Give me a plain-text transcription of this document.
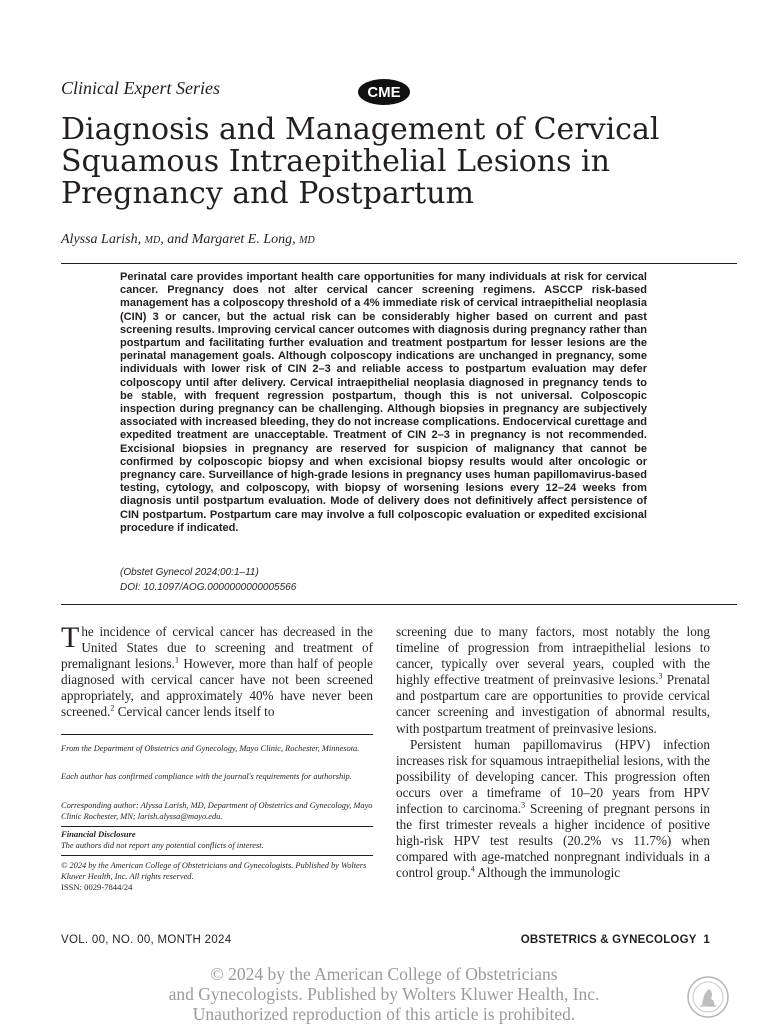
Clinical Expert Series	CME
Diagnosis and Management of Cervical Squamous Intraepithelial Lesions in Pregnancy and Postpartum
Alyssa Larish, MD, and Margaret E. Long, MD

Perinatal care provides important health care opportunities for many individuals at risk for cervical cancer. Pregnancy does not alter cervical cancer screening regimens. ASCCP risk-based management has a colposcopy threshold of a 4% immediate risk of cervical intraepithelial neoplasia (CIN) 3 or cancer, but the actual risk can be considerably higher based on current and past screening results. Improving cervical cancer outcomes with diagnosis during pregnancy rather than postpartum and facilitating further evaluation and treatment postpartum for lesser lesions are the perinatal management goals. Although colposcopy indications are unchanged in pregnancy, some individuals with lower risk of CIN 2–3 and reliable access to postpartum evaluation may defer colposcopy until after delivery. Cervical intraepithelial neoplasia diagnosed in pregnancy tends to be stable, with frequent regression postpartum, though this is not universal. Colposcopic inspection during pregnancy can be challenging. Although biopsies in pregnancy are subjectively associated with increased bleeding, they do not increase complications. Endocervical curettage and expedited treatment are unacceptable. Treatment of CIN 2–3 in pregnancy is not recommended. Excisional biopsies in pregnancy are reserved for suspicion of malignancy that cannot be confirmed by colposcopic biopsy and when excisional biopsy results would alter oncologic or pregnancy care. Surveillance of high-grade lesions in pregnancy uses human papillomavirus-based testing, cytology, and colposcopy, with biopsy of worsening lesions every 12–24 weeks from diagnosis until postpartum evaluation. Mode of delivery does not definitively affect persistence of CIN postpartum. Postpartum care may involve a full colposcopic evaluation or expedited excisional procedure if indicated.

(Obstet Gynecol 2024;00:1–11)
DOI: 10.1097/AOG.0000000000005566

The incidence of cervical cancer has decreased in the United States due to screening and treatment of premalignant lesions.$^1$ However, more than half of people diagnosed with cervical cancer have not been screened appropriately, and approximately 40% have never been screened.$^2$ Cervical cancer lends itself to

From the Department of Obstetrics and Gynecology, Mayo Clinic, Rochester, Minnesota.

Each author has confirmed compliance with the journal's requirements for authorship.

Corresponding author: Alyssa Larish, MD, Department of Obstetrics and Gynecology, Mayo Clinic Rochester, MN; larish.alyssa@mayo.edu.

Financial Disclosure
The authors did not report any potential conflicts of interest.

© 2024 by the American College of Obstetricians and Gynecologists. Published by Wolters Kluwer Health, Inc. All rights reserved.

ISSN: 0029-7844/24

screening due to many factors, most notably the long timeline of progression from intraepithelial lesions to cancer, typically over several years, coupled with the highly effective treatment of preinvasive lesions.$^3$ Prenatal and postpartum care are opportunities to provide cervical cancer screening and investigation of abnormal results, with postpartum treatment of preinvasive lesions.

Persistent human papillomavirus (HPV) infection increases risk for squamous intraepithelial lesions, with the possibility of developing cancer. This progression often occurs over a timeframe of 10–20 years from HPV infection to carcinoma.$^3$ Screening of pregnant persons in the first trimester reveals a higher incidence of positive high-risk HPV test results (20.2% vs 11.7%) when compared with age-matched nonpregnant individuals in a control group.$^4$ Although the immunologic

VOL. 00, NO. 00, MONTH 2024	OBSTETRICS & GYNECOLOGY 1
© 2024 by the American College of Obstetricians
and Gynecologists. Published by Wolters Kluwer Health, Inc.
Unauthorized reproduction of this article is prohibited.
